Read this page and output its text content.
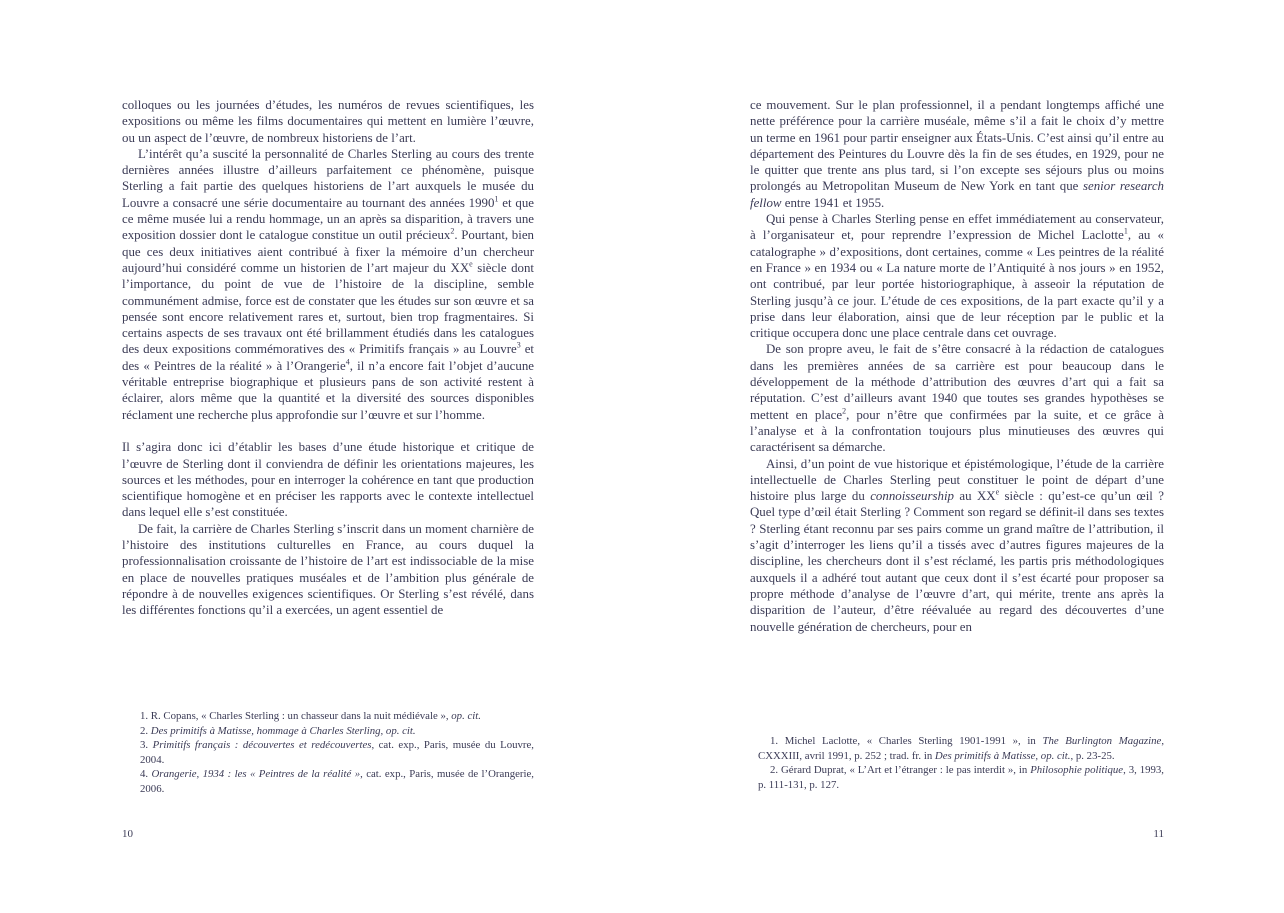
colloques ou les journées d’études, les numéros de revues scientifiques, les expositions ou même les films documentaires qui mettent en lumière l’œuvre, ou un aspect de l’œuvre, de nombreux historiens de l’art.

L’intérêt qu’a suscité la personnalité de Charles Sterling au cours des trente dernières années illustre d’ailleurs parfaitement ce phénomène, puisque Sterling a fait partie des quelques historiens de l’art auxquels le musée du Louvre a consacré une série documentaire au tournant des années 1990$^1$ et que ce même musée lui a rendu hommage, un an après sa disparition, à travers une exposition dossier dont le catalogue constitue un outil précieux$^2$. Pourtant, bien que ces deux initiatives aient contribué à fixer la mémoire d’un chercheur aujourd’hui considéré comme un historien de l’art majeur du XXe siècle dont l’importance, du point de vue de l’histoire de la discipline, semble communément admise, force est de constater que les études sur son œuvre et sa pensée sont encore relativement rares et, surtout, bien trop fragmentaires. Si certains aspects de ses travaux ont été brillamment étudiés dans les catalogues des deux expositions commémoratives des « Primitifs français » au Louvre$^3$ et des « Peintres de la réalité » à l’Orangerie$^4$, il n’a encore fait l’objet d’aucune véritable entreprise biographique et plusieurs pans de son activité restent à éclairer, alors même que la quantité et la diversité des sources disponibles réclament une recherche plus approfondie sur l’œuvre et sur l’homme.

Il s’agira donc ici d’établir les bases d’une étude historique et critique de l’œuvre de Sterling dont il conviendra de définir les orientations majeures, les sources et les méthodes, pour en interroger la cohérence en tant que production scientifique homogène et en préciser les rapports avec le contexte intellectuel dans lequel elle s’est constituée.

De fait, la carrière de Charles Sterling s’inscrit dans un moment charnière de l’histoire des institutions culturelles en France, au cours duquel la professionnalisation croissante de l’histoire de l’art est indissociable de la mise en place de nouvelles pratiques muséales et de l’ambition plus générale de répondre à de nouvelles exigences scientifiques. Or Sterling s’est révélé, dans les différentes fonctions qu’il a exercées, un agent essentiel de

1. R. Copans, « Charles Sterling : un chasseur dans la nuit médiévale », op. cit.

2. Des primitifs à Matisse, hommage à Charles Sterling, op. cit.

3. Primitifs français : découvertes et redécouvertes, cat. exp., Paris, musée du Louvre, 2004.

4. Orangerie, 1934 : les « Peintres de la réalité », cat. exp., Paris, musée de l’Orangerie, 2006.

10

ce mouvement. Sur le plan professionnel, il a pendant longtemps affiché une nette préférence pour la carrière muséale, même s’il a fait le choix d’y mettre un terme en 1961 pour partir enseigner aux États-Unis. C’est ainsi qu’il entre au département des Peintures du Louvre dès la fin de ses études, en 1929, pour ne le quitter que trente ans plus tard, si l’on excepte ses séjours plus ou moins prolongés au Metropolitan Museum de New York en tant que senior research fellow entre 1941 et 1955.

Qui pense à Charles Sterling pense en effet immédiatement au conservateur, à l’organisateur et, pour reprendre l’expression de Michel Laclotte$^1$, au « catalographe » d’expositions, dont certaines, comme « Les peintres de la réalité en France » en 1934 ou « La nature morte de l’Antiquité à nos jours » en 1952, ont contribué, par leur portée historiographique, à asseoir la réputation de Sterling jusqu’à ce jour. L’étude de ces expositions, de la part exacte qu’il y a prise dans leur élaboration, ainsi que de leur réception par le public et la critique occupera donc une place centrale dans cet ouvrage.

De son propre aveu, le fait de s’être consacré à la rédaction de catalogues dans les premières années de sa carrière est pour beaucoup dans le développement de la méthode d’attribution des œuvres d’art qui a fait sa réputation. C’est d’ailleurs avant 1940 que toutes ses grandes hypothèses se mettent en place$^2$, pour n’être que confirmées par la suite, et ce grâce à l’analyse et à la confrontation toujours plus minutieuses des œuvres qui caractérisent sa démarche.

Ainsi, d’un point de vue historique et épistémologique, l’étude de la carrière intellectuelle de Charles Sterling peut constituer le point de départ d’une histoire plus large du connoisseurship au XXe siècle : qu’est-ce qu’un œil ? Quel type d’œil était Sterling ? Comment son regard se définit-il dans ses textes ? Sterling étant reconnu par ses pairs comme un grand maître de l’attribution, il s’agit d’interroger les liens qu’il a tissés avec d’autres figures majeures de la discipline, les chercheurs dont il s’est réclamé, les partis pris méthodologiques auxquels il a adhéré tout autant que ceux dont il s’est écarté pour proposer sa propre méthode d’analyse de l’œuvre d’art, qui mérite, trente ans après la disparition de l’auteur, d’être réévaluée au regard des découvertes d’une nouvelle génération de chercheurs, pour en

1. Michel Laclotte, « Charles Sterling 1901-1991 », in The Burlington Magazine, CXXXIII, avril 1991, p. 252 ; trad. fr. in Des primitifs à Matisse, op. cit., p. 23-25.

2. Gérard Duprat, « L’Art et l’étranger : le pas interdit », in Philosophie politique, 3, 1993, p. 111-131, p. 127.

11
